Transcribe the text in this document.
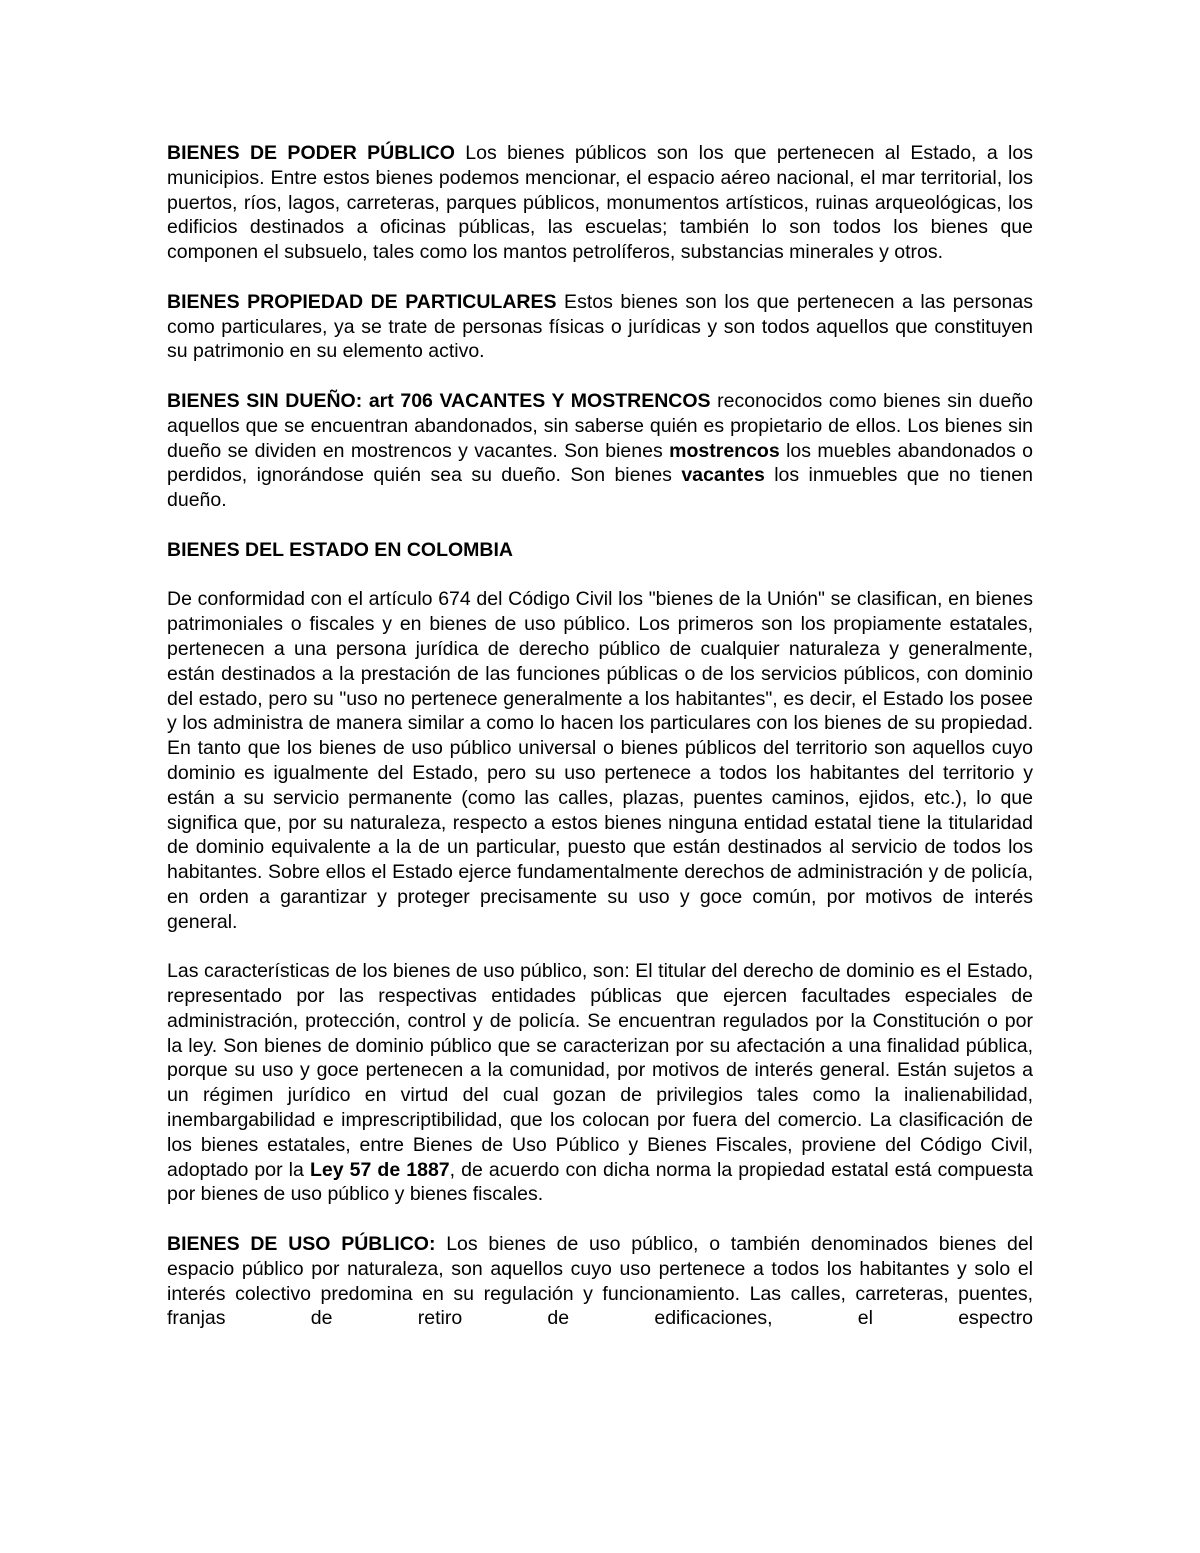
BIENES DE PODER PÚBLICO Los bienes públicos son los que pertenecen al Estado, a los municipios. Entre estos bienes podemos mencionar, el espacio aéreo nacional, el mar territorial, los puertos, ríos, lagos, carreteras, parques públicos, monumentos artísticos, ruinas arqueológicas, los edificios destinados a oficinas públicas, las escuelas; también lo son todos los bienes que componen el subsuelo, tales como los mantos petrolíferos, substancias minerales y otros.

BIENES PROPIEDAD DE PARTICULARES Estos bienes son los que pertenecen a las personas como particulares, ya se trate de personas físicas o jurídicas y son todos aquellos que constituyen su patrimonio en su elemento activo.

BIENES SIN DUEÑO: art 706 VACANTES Y MOSTRENCOS reconocidos como bienes sin dueño aquellos que se encuentran abandonados, sin saberse quién es propietario de ellos. Los bienes sin dueño se dividen en mostrencos y vacantes. Son bienes mostrencos los muebles abandonados o perdidos, ignorándose quién sea su dueño. Son bienes vacantes los inmuebles que no tienen dueño.

BIENES DEL ESTADO EN COLOMBIA

De conformidad con el artículo 674 del Código Civil los "bienes de la Unión" se clasifican, en bienes patrimoniales o fiscales y en bienes de uso público. Los primeros son los propiamente estatales, pertenecen a una persona jurídica de derecho público de cualquier naturaleza y generalmente, están destinados a la prestación de las funciones públicas o de los servicios públicos, con dominio del estado, pero su "uso no pertenece generalmente a los habitantes", es decir, el Estado los posee y los administra de manera similar a como lo hacen los particulares con los bienes de su propiedad. En tanto que los bienes de uso público universal o bienes públicos del territorio son aquellos cuyo dominio es igualmente del Estado, pero su uso pertenece a todos los habitantes del territorio y están a su servicio permanente (como las calles, plazas, puentes caminos, ejidos, etc.), lo que significa que, por su naturaleza, respecto a estos bienes ninguna entidad estatal tiene la titularidad de dominio equivalente a la de un particular, puesto que están destinados al servicio de todos los habitantes. Sobre ellos el Estado ejerce fundamentalmente derechos de administración y de policía, en orden a garantizar y proteger precisamente su uso y goce común, por motivos de interés general.

Las características de los bienes de uso público, son: El titular del derecho de dominio es el Estado, representado por las respectivas entidades públicas que ejercen facultades especiales de administración, protección, control y de policía. Se encuentran regulados por la Constitución o por la ley. Son bienes de dominio público que se caracterizan por su afectación a una finalidad pública, porque su uso y goce pertenecen a la comunidad, por motivos de interés general. Están sujetos a un régimen jurídico en virtud del cual gozan de privilegios tales como la inalienabilidad, inembargabilidad e imprescriptibilidad, que los colocan por fuera del comercio. La clasificación de los bienes estatales, entre Bienes de Uso Público y Bienes Fiscales, proviene del Código Civil, adoptado por la Ley 57 de 1887, de acuerdo con dicha norma la propiedad estatal está compuesta por bienes de uso público y bienes fiscales.

BIENES DE USO PÚBLICO: Los bienes de uso público, o también denominados bienes del espacio público por naturaleza, son aquellos cuyo uso pertenece a todos los habitantes y solo el interés colectivo predomina en su regulación y funcionamiento. Las calles, carreteras, puentes, franjas de retiro de edificaciones, el espectro
